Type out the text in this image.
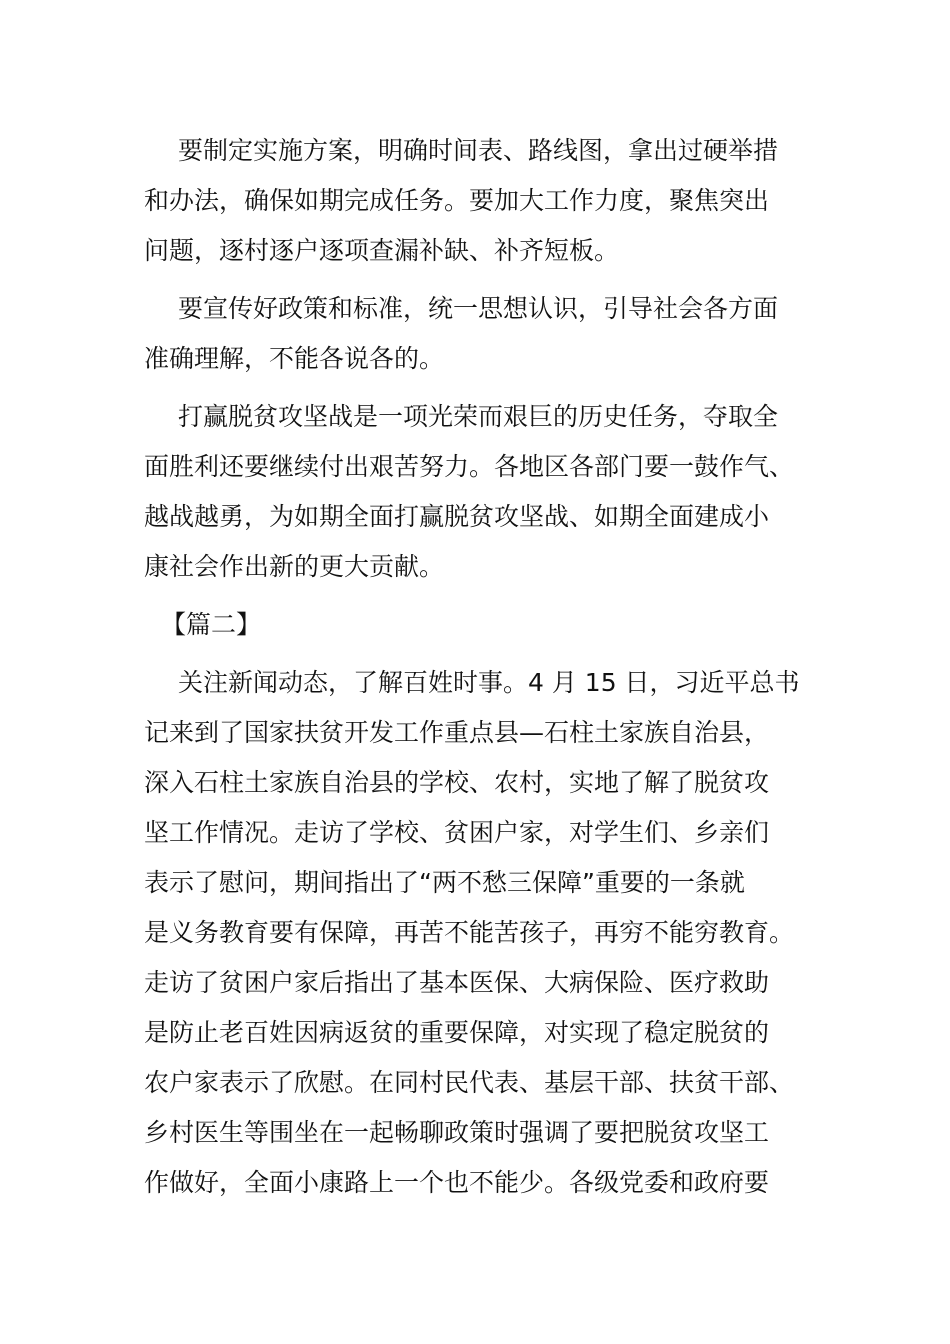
要制定实施方案，明确时间表、路线图，拿出过硬举措
和办法，确保如期完成任务。要加大工作力度，聚焦突出
问题，逐村逐户逐项查漏补缺、补齐短板。
要宣传好政策和标准，统一思想认识，引导社会各方面
准确理解，不能各说各的。
打赢脱贫攻坚战是一项光荣而艰巨的历史任务，夺取全
面胜利还要继续付出艰苦努力。各地区各部门要一鼓作气、
越战越勇，为如期全面打赢脱贫攻坚战、如期全面建成小
康社会作出新的更大贡献。
【篇二】
关注新闻动态，了解百姓时事。4 月 15 日，习近平总书
记来到了国家扶贫开发工作重点县—石柱土家族自治县，
深入石柱土家族自治县的学校、农村，实地了解了脱贫攻
坚工作情况。走访了学校、贫困户家，对学生们、乡亲们
表示了慰问，期间指出了“两不愁三保障”重要的一条就
是义务教育要有保障，再苦不能苦孩子，再穷不能穷教育。
走访了贫困户家后指出了基本医保、大病保险、医疗救助
是防止老百姓因病返贫的重要保障，对实现了稳定脱贫的
农户家表示了欣慰。在同村民代表、基层干部、扶贫干部、
乡村医生等围坐在一起畅聊政策时强调了要把脱贫攻坚工
作做好，全面小康路上一个也不能少。各级党委和政府要
